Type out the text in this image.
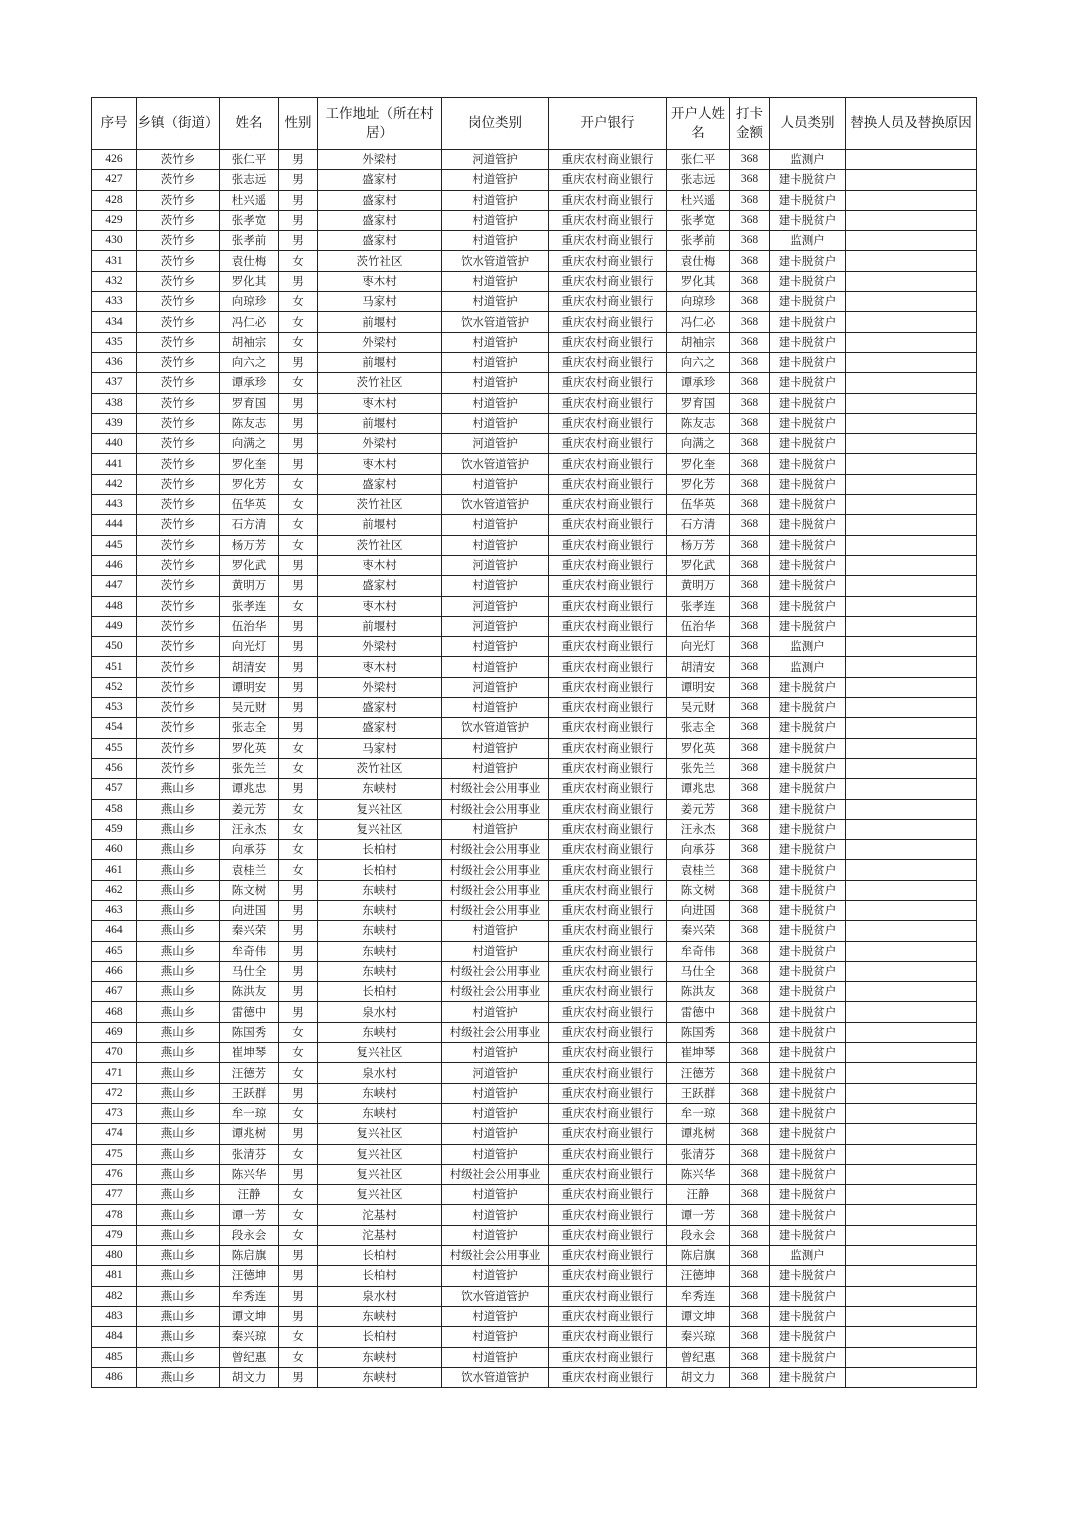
序号	乡镇（街道）	姓名	性别	工作地址（所在村居）	岗位类别	开户银行	开户人姓名	打卡金额	人员类别	替换人员及替换原因
426	茨竹乡	张仁平	男	外梁村	河道管护	重庆农村商业银行	张仁平	368	监测户	
427	茨竹乡	张志远	男	盛家村	村道管护	重庆农村商业银行	张志远	368	建卡脱贫户	
428	茨竹乡	杜兴遥	男	盛家村	村道管护	重庆农村商业银行	杜兴遥	368	建卡脱贫户	
429	茨竹乡	张孝宽	男	盛家村	村道管护	重庆农村商业银行	张孝宽	368	建卡脱贫户	
430	茨竹乡	张孝前	男	盛家村	村道管护	重庆农村商业银行	张孝前	368	监测户	
431	茨竹乡	袁仕梅	女	茨竹社区	饮水管道管护	重庆农村商业银行	袁仕梅	368	建卡脱贫户	
432	茨竹乡	罗化其	男	枣木村	村道管护	重庆农村商业银行	罗化其	368	建卡脱贫户	
433	茨竹乡	向琼珍	女	马家村	村道管护	重庆农村商业银行	向琼珍	368	建卡脱贫户	
434	茨竹乡	冯仁必	女	前堰村	饮水管道管护	重庆农村商业银行	冯仁必	368	建卡脱贫户	
435	茨竹乡	胡袖宗	女	外梁村	村道管护	重庆农村商业银行	胡袖宗	368	建卡脱贫户	
436	茨竹乡	向六之	男	前堰村	村道管护	重庆农村商业银行	向六之	368	建卡脱贫户	
437	茨竹乡	谭承珍	女	茨竹社区	村道管护	重庆农村商业银行	谭承珍	368	建卡脱贫户	
438	茨竹乡	罗育国	男	枣木村	村道管护	重庆农村商业银行	罗育国	368	建卡脱贫户	
439	茨竹乡	陈友志	男	前堰村	村道管护	重庆农村商业银行	陈友志	368	建卡脱贫户	
440	茨竹乡	向满之	男	外梁村	河道管护	重庆农村商业银行	向满之	368	建卡脱贫户	
441	茨竹乡	罗化奎	男	枣木村	饮水管道管护	重庆农村商业银行	罗化奎	368	建卡脱贫户	
442	茨竹乡	罗化芳	女	盛家村	村道管护	重庆农村商业银行	罗化芳	368	建卡脱贫户	
443	茨竹乡	伍华英	女	茨竹社区	饮水管道管护	重庆农村商业银行	伍华英	368	建卡脱贫户	
444	茨竹乡	石方清	女	前堰村	村道管护	重庆农村商业银行	石方清	368	建卡脱贫户	
445	茨竹乡	杨万芳	女	茨竹社区	村道管护	重庆农村商业银行	杨万芳	368	建卡脱贫户	
446	茨竹乡	罗化武	男	枣木村	河道管护	重庆农村商业银行	罗化武	368	建卡脱贫户	
447	茨竹乡	黄明万	男	盛家村	村道管护	重庆农村商业银行	黄明万	368	建卡脱贫户	
448	茨竹乡	张孝连	女	枣木村	河道管护	重庆农村商业银行	张孝连	368	建卡脱贫户	
449	茨竹乡	伍治华	男	前堰村	河道管护	重庆农村商业银行	伍治华	368	建卡脱贫户	
450	茨竹乡	向光灯	男	外梁村	村道管护	重庆农村商业银行	向光灯	368	监测户	
451	茨竹乡	胡清安	男	枣木村	村道管护	重庆农村商业银行	胡清安	368	监测户	
452	茨竹乡	谭明安	男	外梁村	河道管护	重庆农村商业银行	谭明安	368	建卡脱贫户	
453	茨竹乡	吴元财	男	盛家村	村道管护	重庆农村商业银行	吴元财	368	建卡脱贫户	
454	茨竹乡	张志全	男	盛家村	饮水管道管护	重庆农村商业银行	张志全	368	建卡脱贫户	
455	茨竹乡	罗化英	女	马家村	村道管护	重庆农村商业银行	罗化英	368	建卡脱贫户	
456	茨竹乡	张先兰	女	茨竹社区	村道管护	重庆农村商业银行	张先兰	368	建卡脱贫户	
457	燕山乡	谭兆忠	男	东峡村	村级社会公用事业	重庆农村商业银行	谭兆忠	368	建卡脱贫户	
458	燕山乡	姜元芳	女	复兴社区	村级社会公用事业	重庆农村商业银行	姜元芳	368	建卡脱贫户	
459	燕山乡	汪永杰	女	复兴社区	村道管护	重庆农村商业银行	汪永杰	368	建卡脱贫户	
460	燕山乡	向承芬	女	长柏村	村级社会公用事业	重庆农村商业银行	向承芬	368	建卡脱贫户	
461	燕山乡	袁桂兰	女	长柏村	村级社会公用事业	重庆农村商业银行	袁桂兰	368	建卡脱贫户	
462	燕山乡	陈文树	男	东峡村	村级社会公用事业	重庆农村商业银行	陈文树	368	建卡脱贫户	
463	燕山乡	向进国	男	东峡村	村级社会公用事业	重庆农村商业银行	向进国	368	建卡脱贫户	
464	燕山乡	秦兴荣	男	东峡村	村道管护	重庆农村商业银行	秦兴荣	368	建卡脱贫户	
465	燕山乡	牟奇伟	男	东峡村	村道管护	重庆农村商业银行	牟奇伟	368	建卡脱贫户	
466	燕山乡	马仕全	男	东峡村	村级社会公用事业	重庆农村商业银行	马仕全	368	建卡脱贫户	
467	燕山乡	陈洪友	男	长柏村	村级社会公用事业	重庆农村商业银行	陈洪友	368	建卡脱贫户	
468	燕山乡	雷德中	男	泉水村	村道管护	重庆农村商业银行	雷德中	368	建卡脱贫户	
469	燕山乡	陈国秀	女	东峡村	村级社会公用事业	重庆农村商业银行	陈国秀	368	建卡脱贫户	
470	燕山乡	崔坤琴	女	复兴社区	村道管护	重庆农村商业银行	崔坤琴	368	建卡脱贫户	
471	燕山乡	汪德芳	女	泉水村	河道管护	重庆农村商业银行	汪德芳	368	建卡脱贫户	
472	燕山乡	王跃群	男	东峡村	村道管护	重庆农村商业银行	王跃群	368	建卡脱贫户	
473	燕山乡	牟一琼	女	东峡村	村道管护	重庆农村商业银行	牟一琼	368	建卡脱贫户	
474	燕山乡	谭兆树	男	复兴社区	村道管护	重庆农村商业银行	谭兆树	368	建卡脱贫户	
475	燕山乡	张清芬	女	复兴社区	村道管护	重庆农村商业银行	张清芬	368	建卡脱贫户	
476	燕山乡	陈兴华	男	复兴社区	村级社会公用事业	重庆农村商业银行	陈兴华	368	建卡脱贫户	
477	燕山乡	汪静	女	复兴社区	村道管护	重庆农村商业银行	汪静	368	建卡脱贫户	
478	燕山乡	谭一芳	女	沱基村	村道管护	重庆农村商业银行	谭一芳	368	建卡脱贫户	
479	燕山乡	段永会	女	沱基村	村道管护	重庆农村商业银行	段永会	368	建卡脱贫户	
480	燕山乡	陈启旗	男	长柏村	村级社会公用事业	重庆农村商业银行	陈启旗	368	监测户	
481	燕山乡	汪德坤	男	长柏村	村道管护	重庆农村商业银行	汪德坤	368	建卡脱贫户	
482	燕山乡	牟秀连	男	泉水村	饮水管道管护	重庆农村商业银行	牟秀连	368	建卡脱贫户	
483	燕山乡	谭文坤	男	东峡村	村道管护	重庆农村商业银行	谭文坤	368	建卡脱贫户	
484	燕山乡	秦兴琼	女	长柏村	村道管护	重庆农村商业银行	秦兴琼	368	建卡脱贫户	
485	燕山乡	曾纪惠	女	东峡村	村道管护	重庆农村商业银行	曾纪惠	368	建卡脱贫户	
486	燕山乡	胡文力	男	东峡村	饮水管道管护	重庆农村商业银行	胡文力	368	建卡脱贫户	
